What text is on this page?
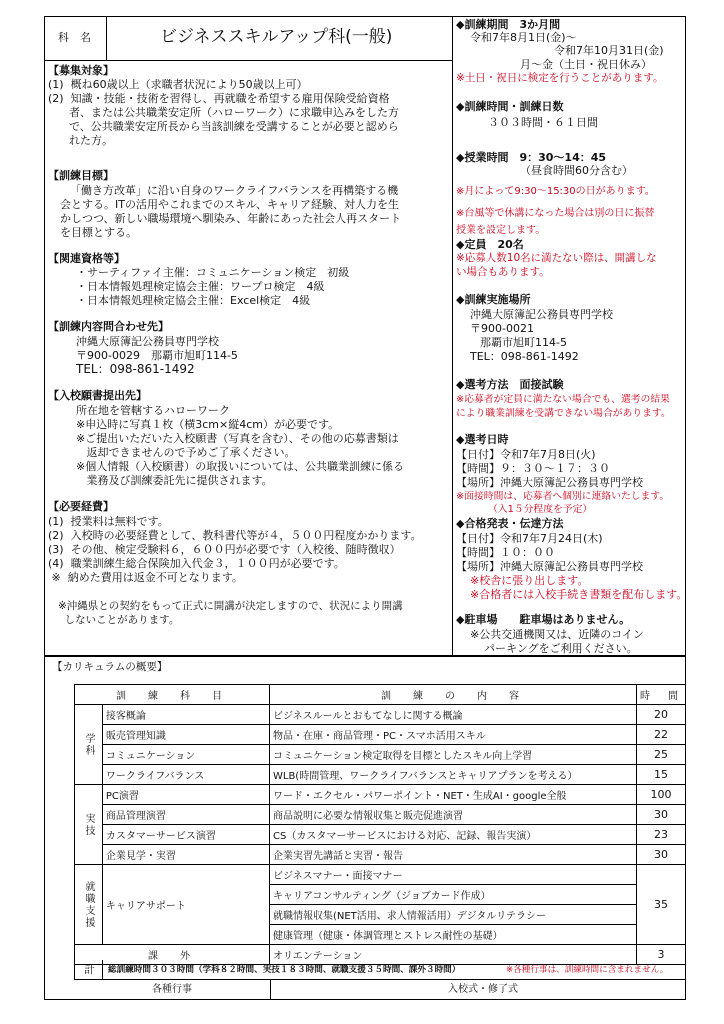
科　名	ビジネススキルアップ科(一般)
【募集対象】
(1)  概ね60歳以上（求職者状況により50歳以上可）
(2)  知識・技能・技術を習得し、再就職を希望する雇用保険受給資格
者、または公共職業安定所（ハローワーク）に求職申込みをした方
で、公共職業安定所長から当該訓練を受講することが必要と認めら
れた方。
【訓練目標】
「働き方改革」に沿い自身のワークライフバランスを再構築する機
会とする。ITの活用やこれまでのスキル、キャリア経験、対人力を生
かしつつ、新しい職場環境へ馴染み、年齢にあった社会人再スタート
を目標とする。
【関連資格等】
・サーティファイ主催：コミュニケーション検定　初級
・日本情報処理検定協会主催：ワープロ検定　4級
・日本情報処理検定協会主催：Excel検定　4級
【訓練内容問合わせ先】
沖縄大原簿記公務員専門学校
〒900-0029　那覇市旭町114-5
TEL：098-861-1492
【入校願書提出先】
所在地を管轄するハローワーク
※申込時に写真１枚（横3cm×縦4cm）が必要です。
※ご提出いただいた入校願書（写真を含む）、その他の応募書類は
返却できませんので予めご了承ください。
※個人情報（入校願書）の取扱いについては、公共職業訓練に係る
業務及び訓練委託先に提供されます。
【必要経費】
(1)  授業料は無料です。
(2)  入校時の必要経費として、教科書代等が４，５００円程度かかります。
(3)  その他、検定受験料６，６００円が必要です（入校後、随時徴収）
(4)  職業訓練生総合保険加入代金３，１００円が必要です。
※  納めた費用は返金不可となります。
※沖縄県との契約をもって正式に開講が決定しますので、状況により開講
しないことがあります。
◆訓練期間　3か月間
令和7年8月1日(金)～
令和7年10月31日(金)
月～金（土日・祝日休み）
※土日・祝日に検定を行うことがあります。
◆訓練時間・訓練日数
３０３時間・６１日間
◆授業時間　9：30～14：45
（昼食時間60分含む）
※月によって9:30～15:30の日があります。
※台風等で休講になった場合は別の日に振替
授業を設定します。
◆定員　20名
※応募人数10名に満たない際は、開講しな
い場合もあります。
◆訓練実施場所
沖縄大原簿記公務員専門学校
〒900-0021
那覇市旭町114-5
TEL：098-861-1492
◆選考方法　面接試験
※応募者が定員に満たない場合でも、選考の結果
により職業訓練を受講できない場合があります。
◆選考日時
【日付】令和7年7月8日(火)
【時間】９：３０～１７：３０
【場所】沖縄大原簿記公務員専門学校
※面接時間は、応募者へ個別に連絡いたします。
（入1５分程度を予定）
◆合格発表・伝達方法
【日付】令和7年7月24日(木)
【時間】１０：００
【場所】沖縄大原簿記公務員専門学校
※校舎に張り出します。
※合格者には入校手続き書類を配布します。
◆駐車場　　駐車場はありません。
※公共交通機関又は、近隣のコイン
パーキングをご利用ください。
【カリキュラムの概要】
訓　練　科　目		訓　練　の　内　容	時　間
学科	接客概論	ビジネスルールとおもてなしに関する概論	20
	販売管理知識	物品・在庫・商品管理・PC・スマホ活用スキル	22
	コミュニケーション	コミュニケーション検定取得を目標としたスキル向上学習	25
	ワークライフバランス	WLB(時間管理、ワークライフバランスとキャリアプランを考える）	15
実技	PC演習	ワード・エクセル・パワーポイント・NET・生成AI・google全般	100
	商品管理演習	商品説明に必要な情報収集と販売促進演習	30
	カスタマーサービス演習	CS（カスタマーサービスにおける対応、記録、報告実演）	23
	企業見学・実習	企業実習先講話と実習・報告	30
就職支援	キャリアサポート	ビジネスマナー・面接マナー	35
		キャリアコンサルティング（ジョブカード作成）	
		就職情報収集(NET活用、求人情報活用）デジタルリテラシー	
		健康管理（健康・体調管理とストレス耐性の基礎）	
課　外		オリエンテーション	3
計 総訓練時間３０３時間（学科８２時間、実技１８３時間、就職支援３５時間、課外３時間）	※各種行事は、訓練時間に含まれません。
各種行事	入校式・修了式
